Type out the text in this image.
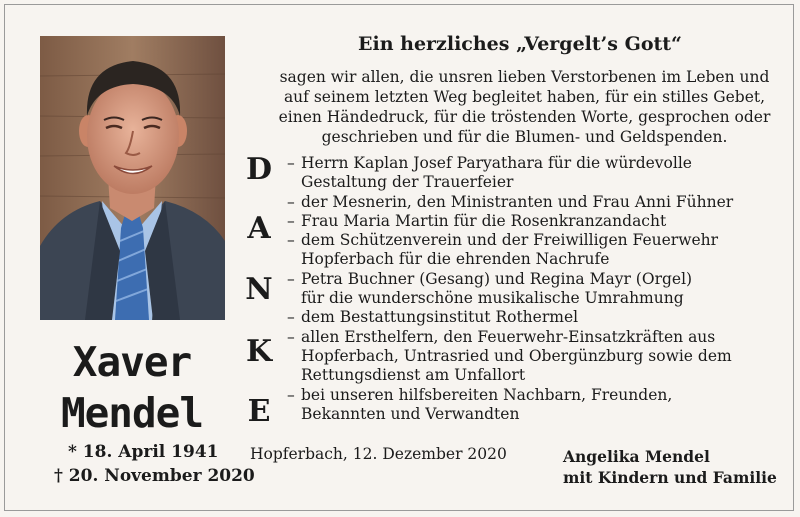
Xaver
Mendel
* 18. April 1941
† 20. November 2020
Ein herzliches „Vergelt’s Gott“
sagen wir allen, die unsren lieben Verstorbenen im Leben und
auf seinem letzten Weg begleitet haben, für ein stilles Gebet,
einen Händedruck, für die tröstenden Worte, gesprochen oder
geschrieben und für die Blumen- und Geldspenden.
D
A
N
K
E
– Herrn Kaplan Josef Paryathara für die würdevolle
Gestaltung der Trauerfeier
– der Mesnerin, den Ministranten und Frau Anni Fühner
– Frau Maria Martin für die Rosenkranzandacht
– dem Schützenverein und der Freiwilligen Feuerwehr
Hopferbach für die ehrenden Nachrufe
– Petra Buchner (Gesang) und Regina Mayr (Orgel)
für die wunderschöne musikalische Umrahmung
– dem Bestattungsinstitut Rothermel
– allen Ersthelfern, den Feuerwehr-Einsatzkräften aus
Hopferbach, Untrasried und Obergünzburg sowie dem
Rettungsdienst am Unfallort
– bei unseren hilfsbereiten Nachbarn, Freunden,
Bekannten und Verwandten
Hopferbach, 12. Dezember 2020	Angelika Mendel
mit Kindern und Familie
